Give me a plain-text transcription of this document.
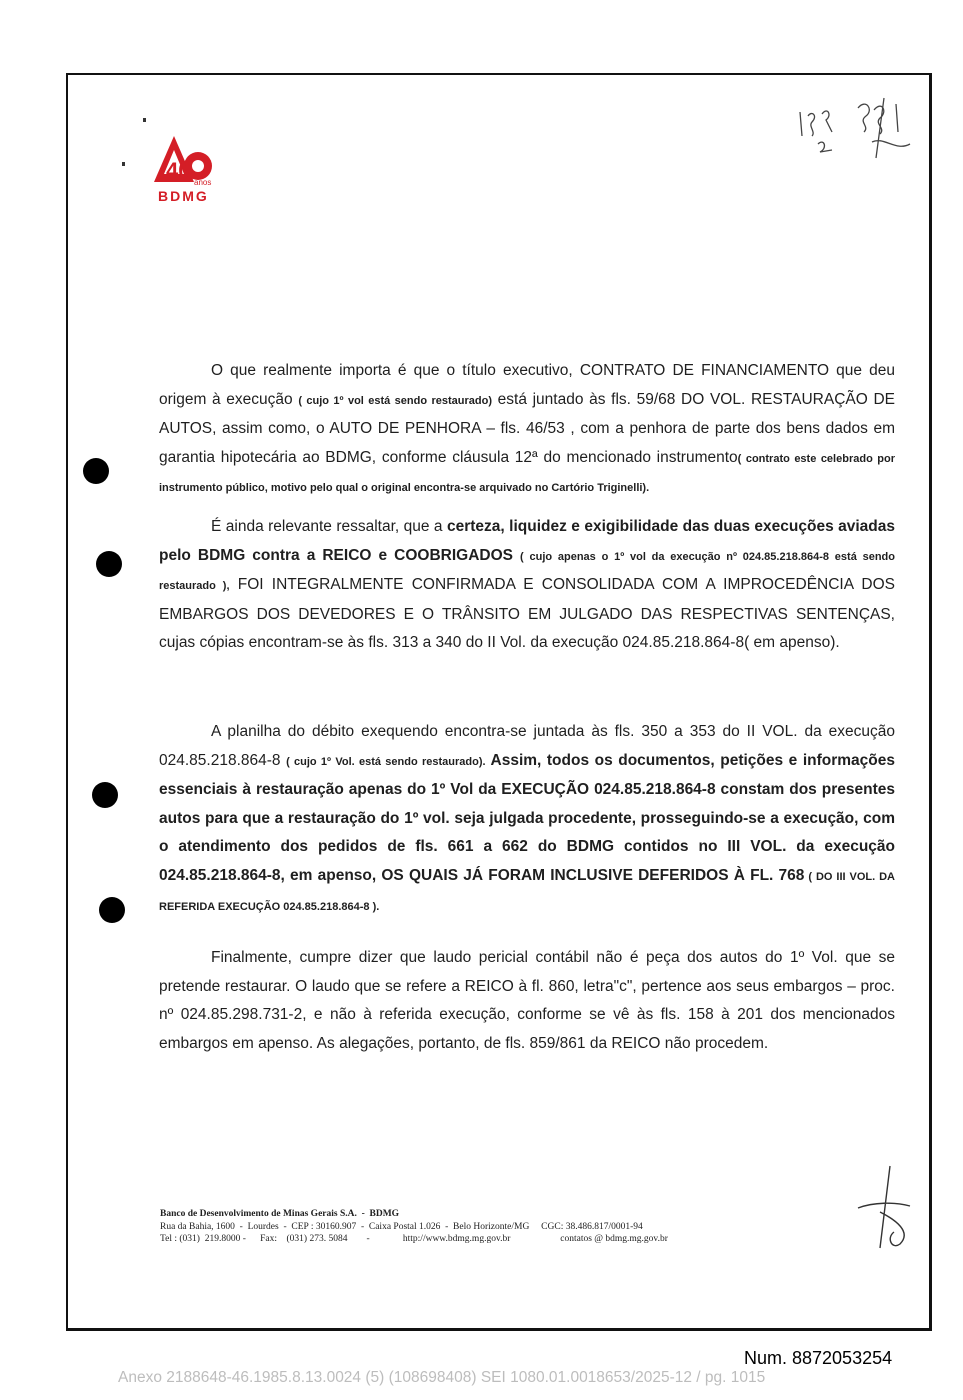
40 anos
BDMG

O que realmente importa é que o título executivo, CONTRATO DE FINANCIAMENTO que deu origem à execução ( cujo 1º vol está sendo restaurado) está juntado às fls. 59/68 DO VOL. RESTAURAÇÃO DE AUTOS, assim como, o AUTO DE PENHORA – fls. 46/53 , com a penhora de parte dos bens dados em garantia hipotecária ao BDMG, conforme cláusula 12ª do mencionado instrumento( contrato este celebrado por instrumento público, motivo pelo qual o original encontra-se arquivado no Cartório Triginelli).

É ainda relevante ressaltar, que a certeza, liquidez e exigibilidade das duas execuções aviadas pelo BDMG contra a REICO e COOBRIGADOS ( cujo apenas o 1º vol da execução nº 024.85.218.864-8 está sendo restaurado ), FOI INTEGRALMENTE CONFIRMADA E CONSOLIDADA COM A IMPROCEDÊNCIA DOS EMBARGOS DOS DEVEDORES E O TRÂNSITO EM JULGADO DAS RESPECTIVAS SENTENÇAS, cujas cópias encontram-se às fls. 313 a 340 do II Vol. da execução 024.85.218.864-8( em apenso).

A planilha do débito exequendo encontra-se juntada às fls. 350 a 353 do II VOL. da execução 024.85.218.864-8 ( cujo 1º Vol. está sendo restaurado). Assim, todos os documentos, petições e informações essenciais à restauração apenas do 1º Vol da EXECUÇÃO 024.85.218.864-8 constam dos presentes autos para que a restauração do 1º vol. seja julgada procedente, prosseguindo-se a execução, com o atendimento dos pedidos de fls. 661 a 662 do BDMG contidos no III VOL. da execução 024.85.218.864-8, em apenso, OS QUAIS JÁ FORAM INCLUSIVE DEFERIDOS À FL. 768 ( DO III VOL. DA REFERIDA EXECUÇÃO 024.85.218.864-8 ).

Finalmente, cumpre dizer que laudo pericial contábil não é peça dos autos do 1º Vol. que se pretende restaurar. O laudo que se refere a REICO à fl. 860, letra"c", pertence aos seus embargos – proc. nº 024.85.298.731-2, e não à referida execução, conforme se vê às fls. 158 à 201 dos mencionados embargos em apenso. As alegações, portanto, de fls. 859/861 da REICO não procedem.

Banco de Desenvolvimento de Minas Gerais S.A.  -  BDMG
Rua da Bahia, 1600  -  Lourdes  -  CEP : 30160.907  -  Caixa Postal 1.026  -  Belo Horizonte/MG     CGC: 38.486.817/0001-94
Tel : (031)  219.8000 -      Fax:    (031) 273. 5084        -              http://www.bdmg.mg.gov.br                     contatos @ bdmg.mg.gov.br
Num. 8872053254
Anexo 2188648-46.1985.8.13.0024 (5) (108698408) SEI 1080.01.0018653/2025-12 / pg. 1015
